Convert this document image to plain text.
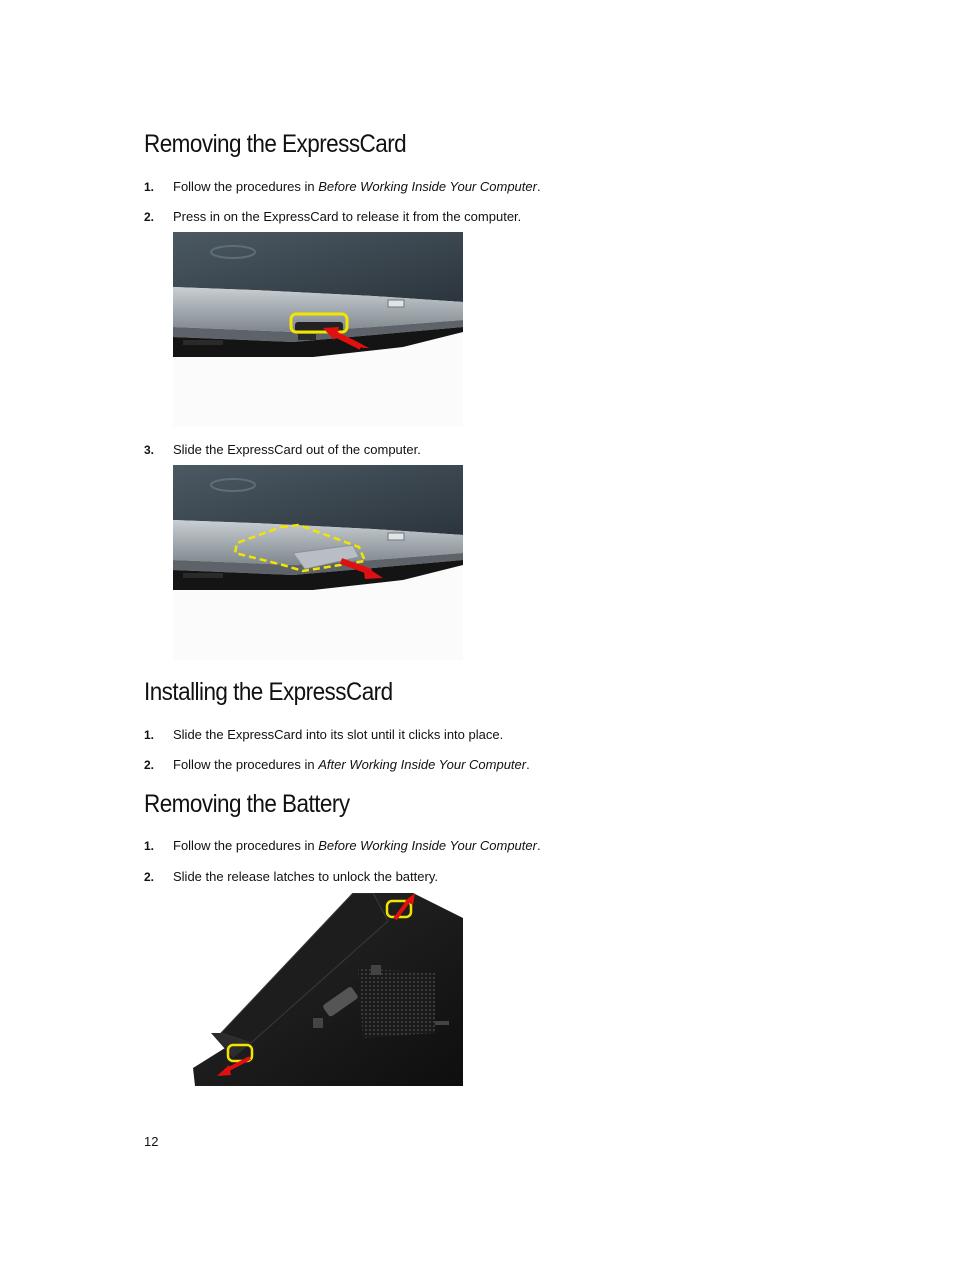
Removing the ExpressCard
1. Follow the procedures in Before Working Inside Your Computer.
2. Press in on the ExpressCard to release it from the computer.
3. Slide the ExpressCard out of the computer.
Installing the ExpressCard
1. Slide the ExpressCard into its slot until it clicks into place.
2. Follow the procedures in After Working Inside Your Computer.
Removing the Battery
1. Follow the procedures in Before Working Inside Your Computer.
2. Slide the release latches to unlock the battery.
12
